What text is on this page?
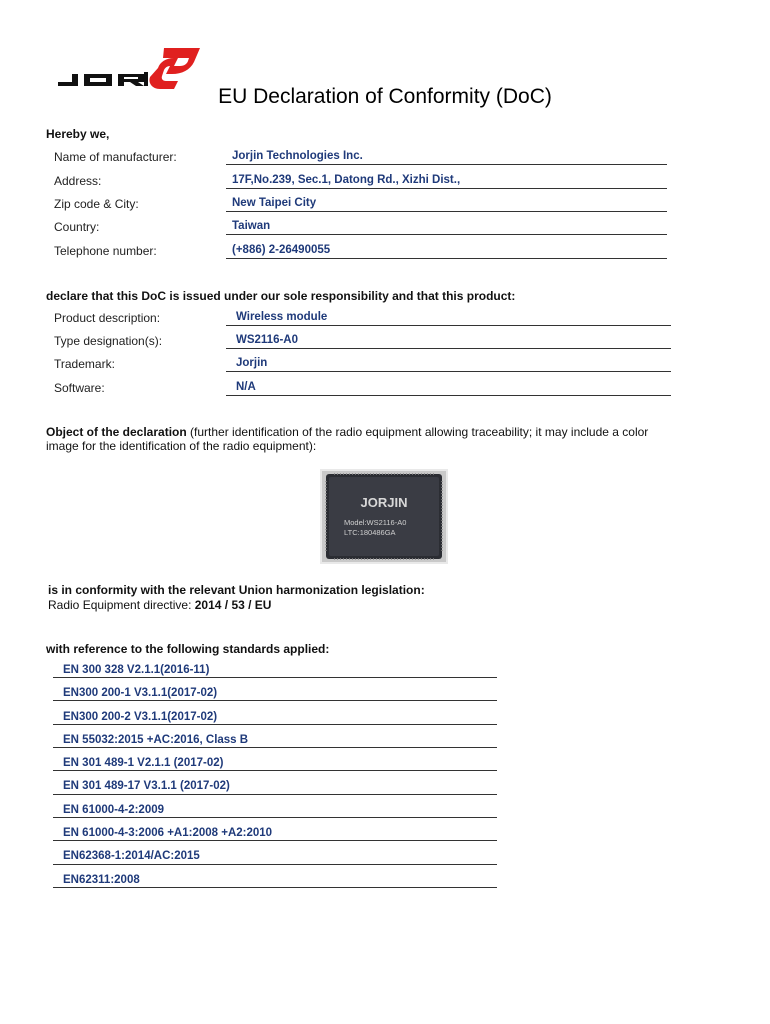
EU Declaration of Conformity (DoC)
Hereby we,
Name of manufacturer:	Jorjin Technologies Inc.
Address:	17F,No.239, Sec.1, Datong Rd., Xizhi Dist.,
Zip code & City:	New Taipei City
Country:	Taiwan
Telephone number:	(+886) 2-26490055
declare that this DoC is issued under our sole responsibility and that this product:
Product description:	Wireless module
Type designation(s):	WS2116-A0
Trademark:	Jorjin
Software:	N/A
Object of the declaration (further identification of the radio equipment allowing traceability; it may include a color
image for the identification of the radio equipment):
JORJIN
Model:WS2116-A0
LTC:180486GA
is in conformity with the relevant Union harmonization legislation:
Radio Equipment directive: 2014 / 53 / EU
with reference to the following standards applied:
EN 300 328 V2.1.1(2016-11)
EN300 200-1 V3.1.1(2017-02)
EN300 200-2 V3.1.1(2017-02)
EN 55032:2015 +AC:2016, Class B
EN 301 489-1 V2.1.1 (2017-02)
EN 301 489-17 V3.1.1 (2017-02)
EN 61000-4-2:2009
EN 61000-4-3:2006 +A1:2008 +A2:2010
EN62368-1:2014/AC:2015
EN62311:2008
